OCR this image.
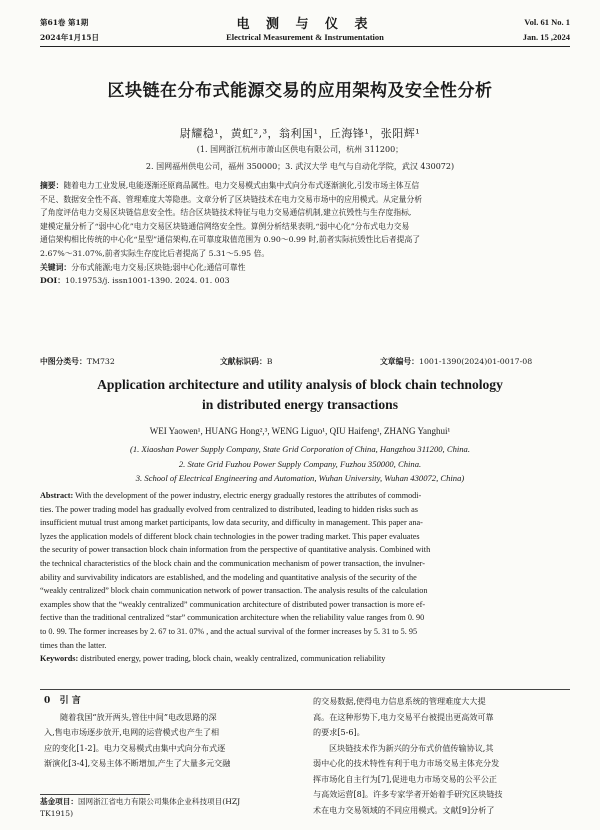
第61卷 第1期
2024年1月15日
电 测 与 仪 表
Electrical Measurement & Instrumentation
Vol. 61 No. 1
Jan. 15 ,2024
区块链在分布式能源交易的应用架构及安全性分析
尉耀稳¹，黄虹²,³，翁利国¹，丘海锋¹，张阳辉¹
(1. 国网浙江杭州市萧山区供电有限公司，杭州 311200；
2. 国网福州供电公司，福州 350000；3. 武汉大学 电气与自动化学院，武汉 430072)
摘要：随着电力工业发展,电能逐渐还原商品属性。电力交易模式由集中式向分布式逐渐演化,引发市场主体互信
不足、数据安全性不高、管理难度大等隐患。文章分析了区块链技术在电力交易市场中的应用模式。从定量分析
了角度评估电力交易区块链信息安全性。结合区块链技术特征与电力交易通信机制,建立抗毁性与生存度指标,
建模定量分析了“弱中心化”电力交易区块链通信网络安全性。算例分析结果表明,“弱中心化”分布式电力交易
通信架构相比传统的中心化“星型”通信架构,在可靠度取值范围为 0.90～0.99 时,前者实际抗毁性比后者提高了
2.67%～31.07%,前者实际生存度比后者提高了 5.31～5.95 倍。
关键词：分布式能源;电力交易;区块链;弱中心化;通信可靠性
DOI：10.19753/j. issn1001-1390. 2024. 01. 003
中图分类号：TM732	文献标识码：B	文章编号：1001-1390(2024)01-0017-08
Application architecture and utility analysis of block chain technology
in distributed energy transactions
WEI Yaowen¹, HUANG Hong²,³, WENG Liguo¹, QIU Haifeng¹, ZHANG Yanghui¹
(1. Xiaoshan Power Supply Company, State Grid Corporation of China, Hangzhou 311200, China.
2. State Grid Fuzhou Power Supply Company, Fuzhou 350000, China.
3. School of Electrical Engineering and Automation, Wuhan University, Wuhan 430072, China)
Abstract: With the development of the power industry, electric energy gradually restores the attributes of commodi-
ties. The power trading model has gradually evolved from centralized to distributed, leading to hidden risks such as
insufficient mutual trust among market participants, low data security, and difficulty in management. This paper ana-
lyzes the application models of different block chain technologies in the power trading market. This paper evaluates
the security of power transaction block chain information from the perspective of quantitative analysis. Combined with
the technical characteristics of the block chain and the communication mechanism of power transaction, the invulner-
ability and survivability indicators are established, and the modeling and quantitative analysis of the security of the
“weakly centralized” block chain communication network of power transaction. The analysis results of the calculation
examples show that the “weakly centralized” communication architecture of distributed power transaction is more ef-
fective than the traditional centralized “star” communication architecture when the reliability value ranges from 0. 90
to 0. 99. The former increases by 2. 67 to 31. 07% , and the actual survival of the former increases by 5. 31 to 5. 95
times than the latter.
Keywords: distributed energy, power trading, block chain, weakly centralized, communication reliability
0 引 言
随着我国“放开两头,管住中间”电改思路的深
入,售电市场逐步放开,电网的运营模式也产生了相
应的变化[1-2]。电力交易模式由集中式向分布式逐
渐演化[3-4],交易主体不断增加,产生了大量多元交融
基金项目：国网浙江省电力有限公司集体企业科技项目(HZJ
TK1915)
的交易数据,使得电力信息系统的管理难度大大提
高。在这种形势下,电力交易平台被提出更高效可靠
的要求[5-6]。
区块链技术作为新兴的分布式价值传输协议,其
弱中心化的技术特性有利于电力市场交易主体充分发
挥市场化自主行为[7],促进电力市场交易的公平公正
与高效运营[8]。许多专家学者开始着手研究区块链技
术在电力交易领域的不同应用模式。文献[9]分析了
